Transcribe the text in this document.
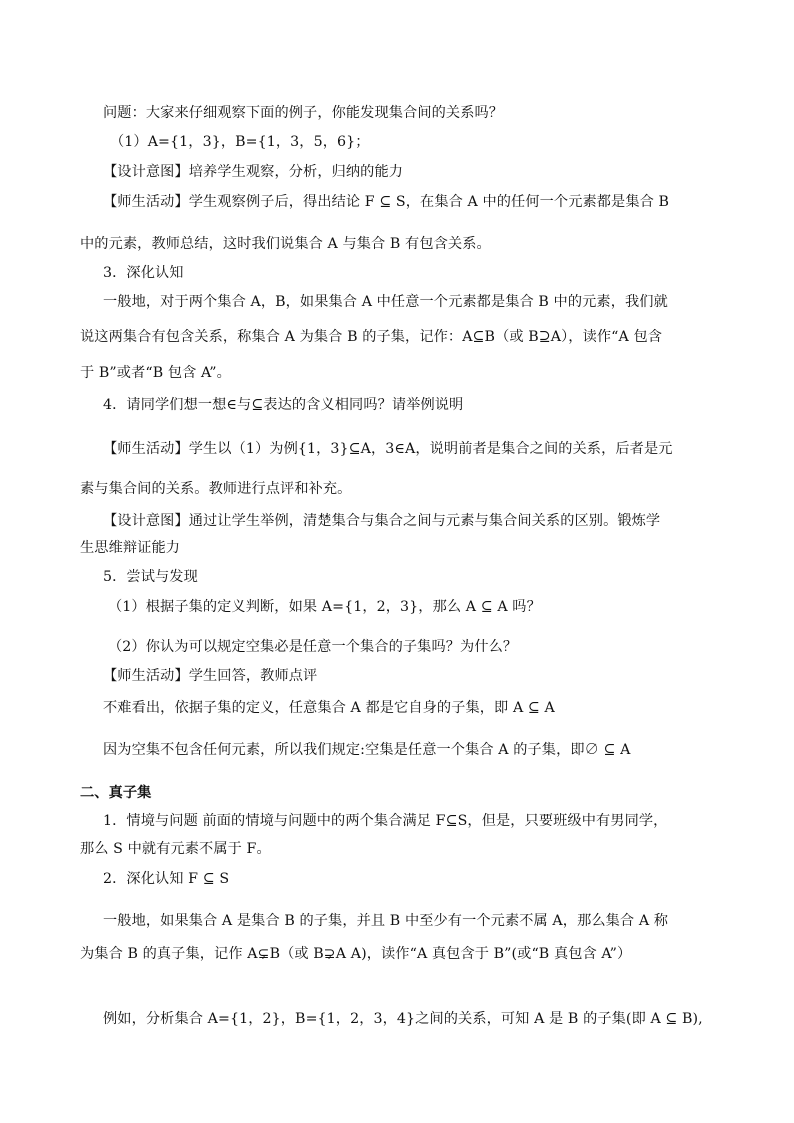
问题：大家来仔细观察下面的例子，你能发现集合间的关系吗？
（1）A={1，3}，B={1，3，5，6}；
【设计意图】培养学生观察，分析，归纳的能力
【师生活动】学生观察例子后，得出结论 F ⊆ S，在集合 A 中的任何一个元素都是集合 B
中的元素，教师总结，这时我们说集合 A 与集合 B 有包含关系。
3．深化认知
一般地，对于两个集合 A，B，如果集合 A 中任意一个元素都是集合 B 中的元素，我们就
说这两集合有包含关系，称集合 A 为集合 B 的子集，记作：A⊆B（或 B⊇A），读作“A 包含
于 B”或者“B 包含 A”。
4．请同学们想一想∈与⊆表达的含义相同吗？请举例说明
【师生活动】学生以（1）为例{1，3}⊆A，3∈A，说明前者是集合之间的关系，后者是元
素与集合间的关系。教师进行点评和补充。
【设计意图】通过让学生举例，清楚集合与集合之间与元素与集合间关系的区别。锻炼学
生思维辩证能力
5．尝试与发现
（1）根据子集的定义判断，如果 A={1，2，3}，那么 A ⊆ A 吗？
（2）你认为可以规定空集必是任意一个集合的子集吗？为什么？
【师生活动】学生回答，教师点评
不难看出，依据子集的定义，任意集合 A 都是它自身的子集，即 A ⊆ A
因为空集不包含任何元素，所以我们规定:空集是任意一个集合 A 的子集，即∅ ⊆ A
二、真子集
1．情境与问题 前面的情境与问题中的两个集合满足 F⊆S，但是，只要班级中有男同学，
那么 S 中就有元素不属于 F。
2．深化认知 F ⊆ S
一般地，如果集合 A 是集合 B 的子集，并且 B 中至少有一个元素不属 A，那么集合 A 称
为集合 B 的真子集，记作 A⊊B（或 B⊋A A)，读作“A 真包含于 B”(或“B 真包含 A”）
例如，分析集合 A={1，2}，B={1，2，3，4}之间的关系，可知 A 是 B 的子集(即 A ⊆ B),
